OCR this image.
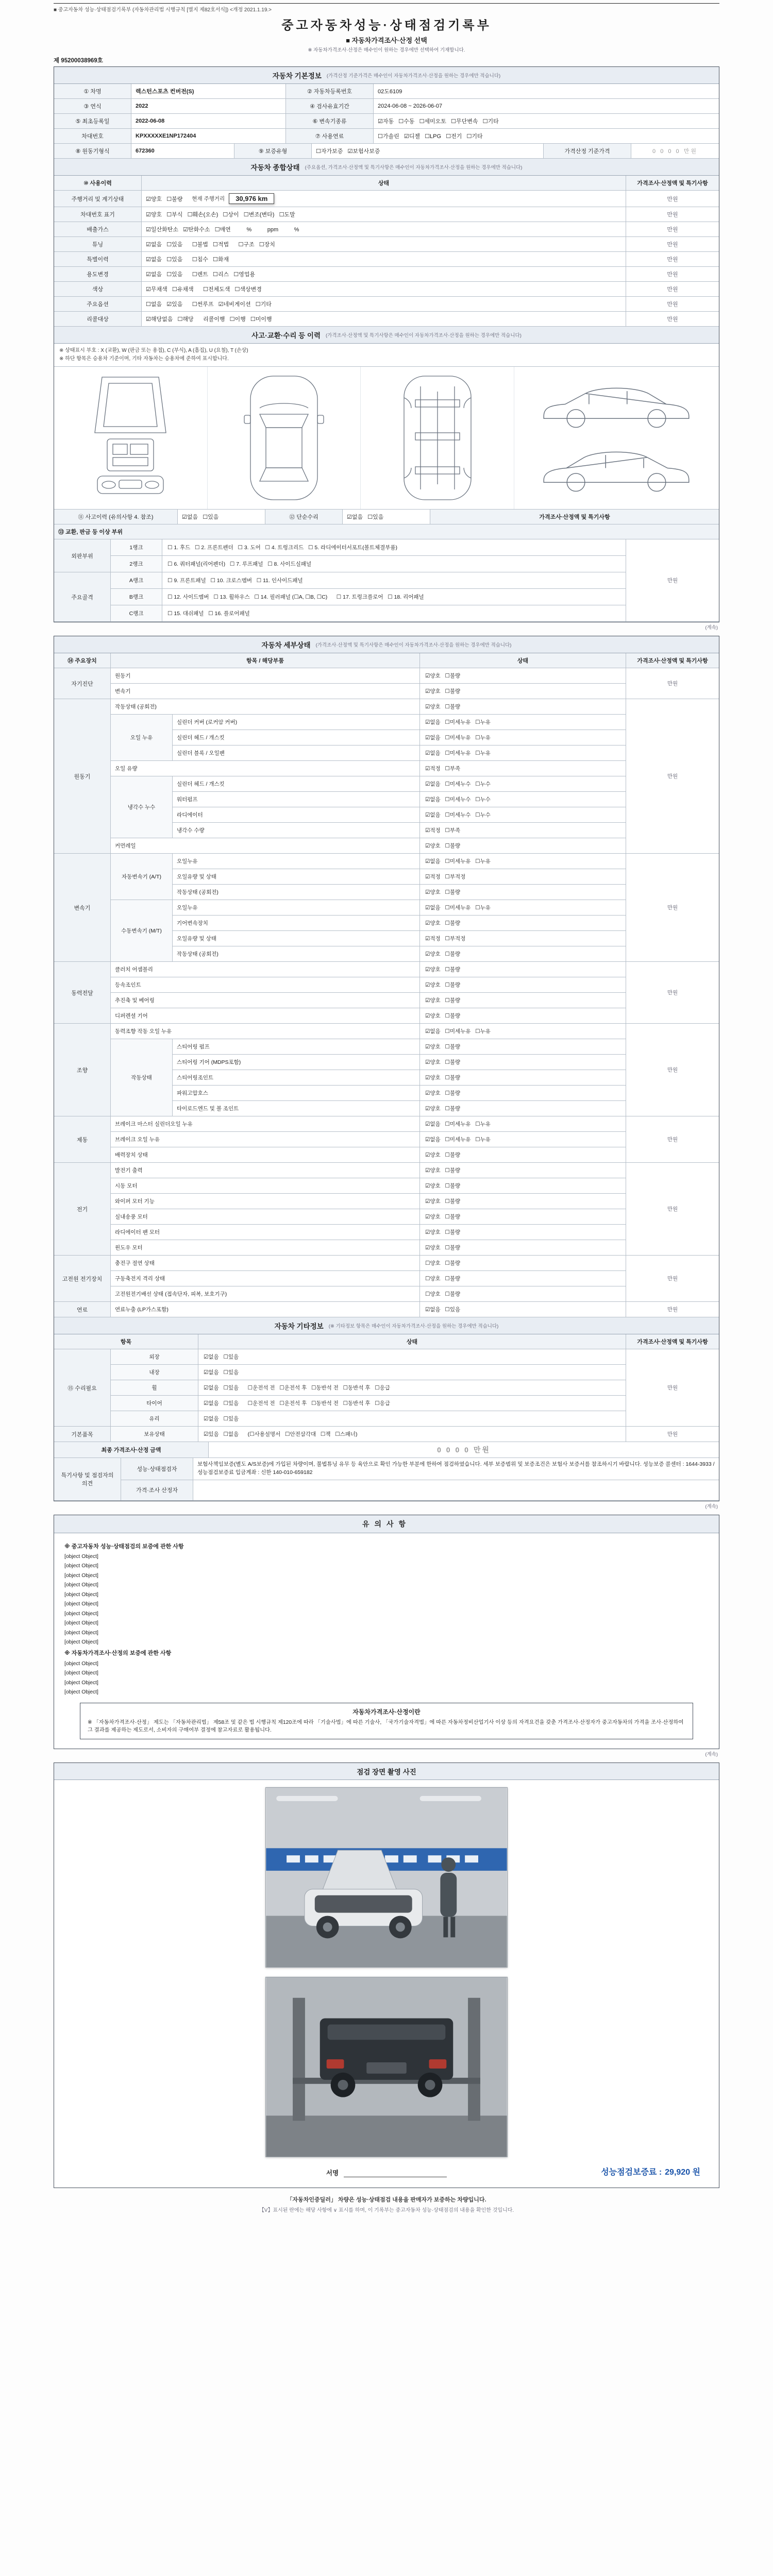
■ 중고자동차 성능·상태점검기록부 (자동차관리법 시행규칙 [별지 제82호서식]) <개정 2021.1.19.>
중고자동차성능·상태점검기록부
■ 자동차가격조사·산정 선택
※ 자동차가격조사·산정은 매수인이 원하는 경우에만 선택하여 기재합니다.
제 95200038969호
자동차 기본정보 (가격산정 기준가격은 매수인이 자동차가격조사·산정을 원하는 경우에만 적습니다)
① 차명	렉스턴스포츠 컨버전(S)	② 자동차등록번호	02도6109
③ 연식	2022	④ 검사유효기간	2024-06-08 ~ 2026-06-07
⑤ 최초등록일	2022-06-08	⑥ 변속기종류	☑자동   ☐수동   ☐세미오토   ☐무단변속   ☐기타
차대번호	KPXXXXXE1NP172404	⑦ 사용연료	☐가솔린   ☑디젤   ☐LPG   ☐전기   ☐기타
⑧ 원동기형식	672360	⑨ 보증유형	☐자가보증   ☑보험사보증	가격산정 기준가격	0 0 0 0 만원
자동차 종합상태 (주요옵션, 가격조사·산정액 및 특기사항은 매수인이 자동차가격조사·산정을 원하는 경우에만 적습니다)
⑩ 사용이력	상태	가격조사·산정액 및 특기사항
주행거리 및 계기상태	☑양호   ☐불량 현재 주행거리	30,976 km	만원
차대번호 표기	☑양호   ☐부식   ☐훼손(오손)   ☐상이   ☐변조(변타)   ☐도말	만원
배출가스	☑일산화탄소   ☑탄화수소   ☐매연          %          ppm          %	만원
튜닝	☑없음   ☐있음      ☐불법   ☐적법      ☐구조   ☐장치	만원
특별이력	☑없음   ☐있음      ☐침수   ☐화재	만원
용도변경	☑없음   ☐있음      ☐렌트   ☐리스   ☐영업용	만원
색상	☑무채색   ☐유채색      ☐전체도색   ☐색상변경	만원
주요옵션	☐없음   ☑있음      ☐썬루프   ☑네비게이션   ☐기타	만원
리콜대상	☑해당없음   ☐해당      리콜이행   ☐이행   ☐미이행	만원
사고·교환·수리 등 이력 (가격조사·산정액 및 특기사항은 매수인이 자동차가격조사·산정을 원하는 경우에만 적습니다)
※ 상태표시 부호 : X (교환), W (판금 또는 용접), C (부식), A (흠집), U (요철), T (손상)
※ 하단 항목은 승용차 기준이며, 기타 자동차는 승용차에 준하여 표시합니다.
⑪ 사고이력 (유의사항 4. 참조)	☑없음   ☐있음	⑫ 단순수리	☑없음   ☐있음	가격조사·산정액 및 특기사항
⑬ 교환, 판금 등 이상 부위
외판부위
1랭크	☐ 1. 후드   ☐ 2. 프론트펜더   ☐ 3. 도어   ☐ 4. 트렁크리드   ☐ 5. 라디에이터서포트(볼트체결부품)
2랭크	☐ 6. 쿼터패널(리어펜더)   ☐ 7. 루프패널   ☐ 8. 사이드실패널
주요골격
A랭크	☐ 9. 프론트패널   ☐ 10. 크로스멤버   ☐ 11. 인사이드패널
B랭크	☐ 12. 사이드멤버   ☐ 13. 휠하우스   ☐ 14. 필러패널 (☐A, ☐B, ☐C)      ☐ 17. 트렁크플로어   ☐ 18. 리어패널
C랭크	☐ 15. 대쉬패널   ☐ 16. 플로어패널
만원
(계속)
자동차 세부상태 (가격조사·산정액 및 특기사항은 매수인이 자동차가격조사·산정을 원하는 경우에만 적습니다)
⑭ 주요장치	항목 / 해당부품	상태	가격조사·산정액 및 특기사항
자기진단
원동기	☑양호   ☐불량
변속기	☑양호   ☐불량
만원
원동기
작동상태 (공회전)	☑양호   ☐불량
오일 누유
실린더 커버 (로커암 커버)	☑없음   ☐미세누유   ☐누유
실린더 헤드 / 개스킷	☑없음   ☐미세누유   ☐누유
실린더 블록 / 오일팬	☑없음   ☐미세누유   ☐누유
오일 유량	☑적정   ☐부족
냉각수 누수
실린더 헤드 / 개스킷	☑없음   ☐미세누수   ☐누수
워터펌프	☑없음   ☐미세누수   ☐누수
라디에이터	☑없음   ☐미세누수   ☐누수
냉각수 수량	☑적정   ☐부족
커먼레일	☑양호   ☐불량
만원
변속기
자동변속기 (A/T)
오일누유	☑없음   ☐미세누유   ☐누유
오일유량 및 상태	☑적정   ☐부적정
작동상태 (공회전)	☑양호   ☐불량
수동변속기 (M/T)
오일누유	☑없음   ☐미세누유   ☐누유
기어변속장치	☑양호   ☐불량
오일유량 및 상태	☑적정   ☐부적정
작동상태 (공회전)	☑양호   ☐불량
만원
동력전달
클러치 어셈블리	☑양호   ☐불량
등속조인트	☑양호   ☐불량
추진축 및 베어링	☑양호   ☐불량
디퍼렌셜 기어	☑양호   ☐불량
만원
조향
동력조향 작동 오일 누유	☑없음   ☐미세누유   ☐누유
작동상태
스티어링 펌프	☑양호   ☐불량
스티어링 기어 (MDPS포함)	☑양호   ☐불량
스티어링조인트	☑양호   ☐불량
파워고압호스	☑양호   ☐불량
타이로드엔드 및 볼 조인트	☑양호   ☐불량
만원
제동
브레이크 마스터 실린더오일 누유	☑없음   ☐미세누유   ☐누유
브레이크 오일 누유	☑없음   ☐미세누유   ☐누유
배력장치 상태	☑양호   ☐불량
만원
전기
발전기 출력	☑양호   ☐불량
시동 모터	☑양호   ☐불량
와이퍼 모터 기능	☑양호   ☐불량
실내송풍 모터	☑양호   ☐불량
라디에이터 팬 모터	☑양호   ☐불량
윈도우 모터	☑양호   ☐불량
만원
고전원 전기장치
충전구 절연 상태	☐양호   ☐불량
구동축전지 격리 상태	☐양호   ☐불량
고전원전기배선 상태 (접속단자, 피복, 보호기구)	☐양호   ☐불량
만원
연료	연료누출 (LP가스포함)	☑없음   ☐있음	만원
자동차 기타정보 (※ 기타정보 항목은 매수인이 자동차가격조사·산정을 원하는 경우에만 적습니다)
항목	상태	가격조사·산정액 및 특기사항
⑮ 수리필요
외장	☑없음   ☐있음
내장	☑없음   ☐있음
휠	☑없음   ☐있음      ☐운전석 전   ☐운전석 후   ☐동반석 전   ☐동반석 후   ☐응급
타이어	☑없음   ☐있음      ☐운전석 전   ☐운전석 후   ☐동반석 전   ☐동반석 후   ☐응급
유리	☑없음   ☐있음
만원
기본품목	보유상태	☑있음   ☐없음      (☐사용설명서   ☐안전삼각대   ☐잭   ☐스패너)	만원
최종 가격조사·산정 금액	0 0 0 0 만원
특기사항 및 점검자의 의견
성능·상태점검자
보험사책임보증(별도 A/S보증)에 가입된 차량이며, 불법튜닝 유무 등 육안으로 확인 가능한 부분에 한하여 점검하였습니다. 세부 보증범위 및 보증조건은 보험사 보증서를 참조하시기 바랍니다. 성능보증 콜센터 : 1644-3933 / 성능점검보증료 입금계좌 : 신한 140-010-659182
가격·조사 산정자
(계속)
유의사항
※ 중고자동차 성능·상태점검의 보증에 관한 사항
[object Object]
[object Object]
[object Object]
[object Object]
[object Object]
[object Object]
[object Object]
[object Object]
[object Object]
[object Object]
※ 자동차가격조사·산정의 보증에 관한 사항
[object Object]
[object Object]
[object Object]
[object Object]
자동차가격조사·산정이란
※ 「자동차가격조사·산정」 제도는 「자동차관리법」 제58조 및 같은 법 시행규칙 제120조에 따라 「기술사법」에 따른 기술사, 「국가기술자격법」에 따른 자동차정비산업기사 이상 등의 자격요건을 갖춘 가격조사·산정자가 중고자동차의 가격을 조사·산정하여 그 결과를 제공하는 제도로서, 소비자의 구매여부 결정에 참고자료로 활용됩니다.
(계속)
점검 장면 촬영 사진
서명	성능점검보증료 : 29,920 원
「자동차인증딜러」 차량은 성능·상태점검 내용을 판매자가 보증하는 차량입니다.
【V】표시된 란에는 해당 사항에 ∨ 표시를 하며, 이 기록부는 중고자동차 성능·상태점검의 내용을 확인한 것입니다.
